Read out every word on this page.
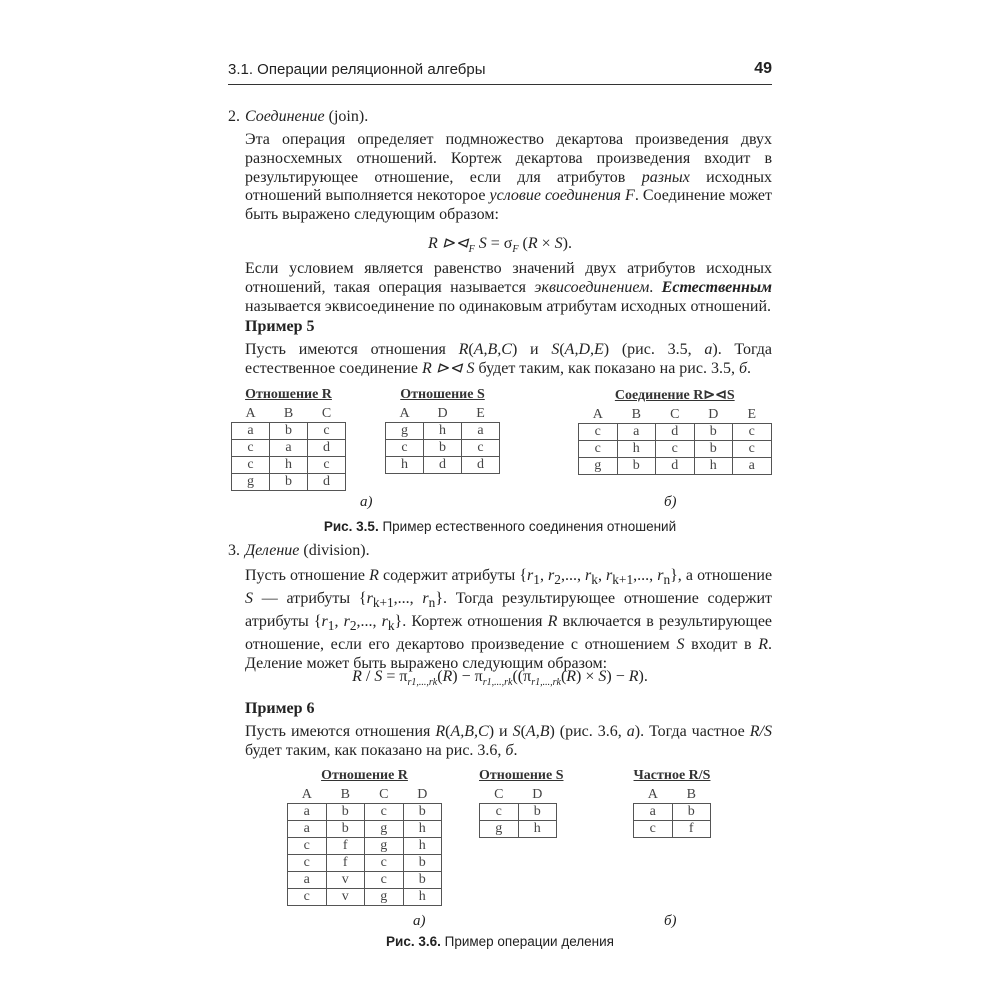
3.1. Операции реляционной алгебры	49
2. Соединение (join).
Эта операция определяет подмножество декартова произведения двух разносхемных отношений. Кортеж декартова произведения входит в результирующее отношение, если для атрибутов разных исходных отношений выполняется некоторое условие соединения F. Соединение может быть выражено следующим образом:
R $⊳⊲_F$ $S = \sigma_F$ (R × S).
Если условием является равенство значений двух атрибутов исходных отношений, такая операция называется эквисоединением. Естественным называется эквисоединение по одинаковым атрибутам исходных отношений.
Пример 5
Пусть имеются отношения R(A,B,C) и S(A,D,E) (рис. 3.5, а). Тогда естественное соединение R ⊳⊲ S будет таким, как показано на рис. 3.5, б.
Отношение R
A	B	C
a	b	c
c	a	d
c	h	c
g	b	d
Отношение S
A	D	E
g	h	a
c	b	c
h	d	d
Соединение R⊳⊲S
A	B	C	D	E
c	a	d	b	c
c	h	c	b	c
g	b	d	h	a
а)	б)
Рис. 3.5. Пример естественного соединения отношений
3. Деление (division).
Пусть отношение R содержит атрибуты {$r_1$, $r_2$,..., $r_k$, $r_{k+1}$,..., $r_n$}, а отношение S — атрибуты {$r_{k+1}$,..., $r_n$}. Тогда результирующее отношение содержит атрибуты {$r_1$, $r_2$,..., $r_k$}. Кортеж отношения R включается в результирующее отношение, если его декартово произведение с отношением S входит в R. Деление может быть выражено следующим образом:
$R / S = \pi_{r1,...,rk}(R) - \pi_{r1,...,rk}((\pi_{r1,...,rk}(R) \times S) - R)$.
Пример 6
Пусть имеются отношения R(A,B,C) и S(A,B) (рис. 3.6, а). Тогда частное R/S будет таким, как показано на рис. 3.6, б.
Отношение R
A	B	C	D
a	b	c	b
a	b	g	h
c	f	g	h
c	f	c	b
a	v	c	b
c	v	g	h
Отношение S
C	D
c	b
g	h
Частное R/S
A	B
a	b
c	f
а)	б)
Рис. 3.6. Пример операции деления
